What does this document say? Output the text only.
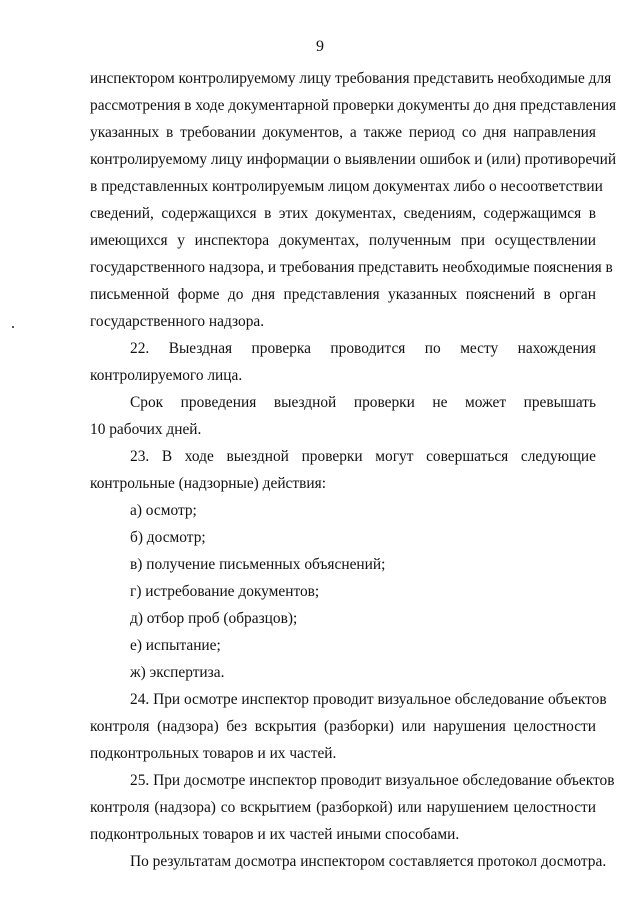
9
инспектором контролируемому лицу требования представить необходимые для
рассмотрения в ходе документарной проверки документы до дня представления
указанных в требовании документов, а также период со дня направления
контролируемому лицу информации о выявлении ошибок и (или) противоречий
в представленных контролируемым лицом документах либо о несоответствии
сведений, содержащихся в этих документах, сведениям, содержащимся в
имеющихся у инспектора документах, полученным при осуществлении
государственного надзора, и требования представить необходимые пояснения в
письменной форме до дня представления указанных пояснений в орган
государственного надзора.
22. Выездная проверка проводится по месту нахождения
контролируемого лица.
Срок проведения выездной проверки не может превышать
10 рабочих дней.
23. В ходе выездной проверки могут совершаться следующие
контрольные (надзорные) действия:
а) осмотр;
б) досмотр;
в) получение письменных объяснений;
г) истребование документов;
д) отбор проб (образцов);
е) испытание;
ж) экспертиза.
24. При осмотре инспектор проводит визуальное обследование объектов
контроля (надзора) без вскрытия (разборки) или нарушения целостности
подконтрольных товаров и их частей.
25. При досмотре инспектор проводит визуальное обследование объектов
контроля (надзора) со вскрытием (разборкой) или нарушением целостности
подконтрольных товаров и их частей иными способами.
По результатам досмотра инспектором составляется протокол досмотра.
